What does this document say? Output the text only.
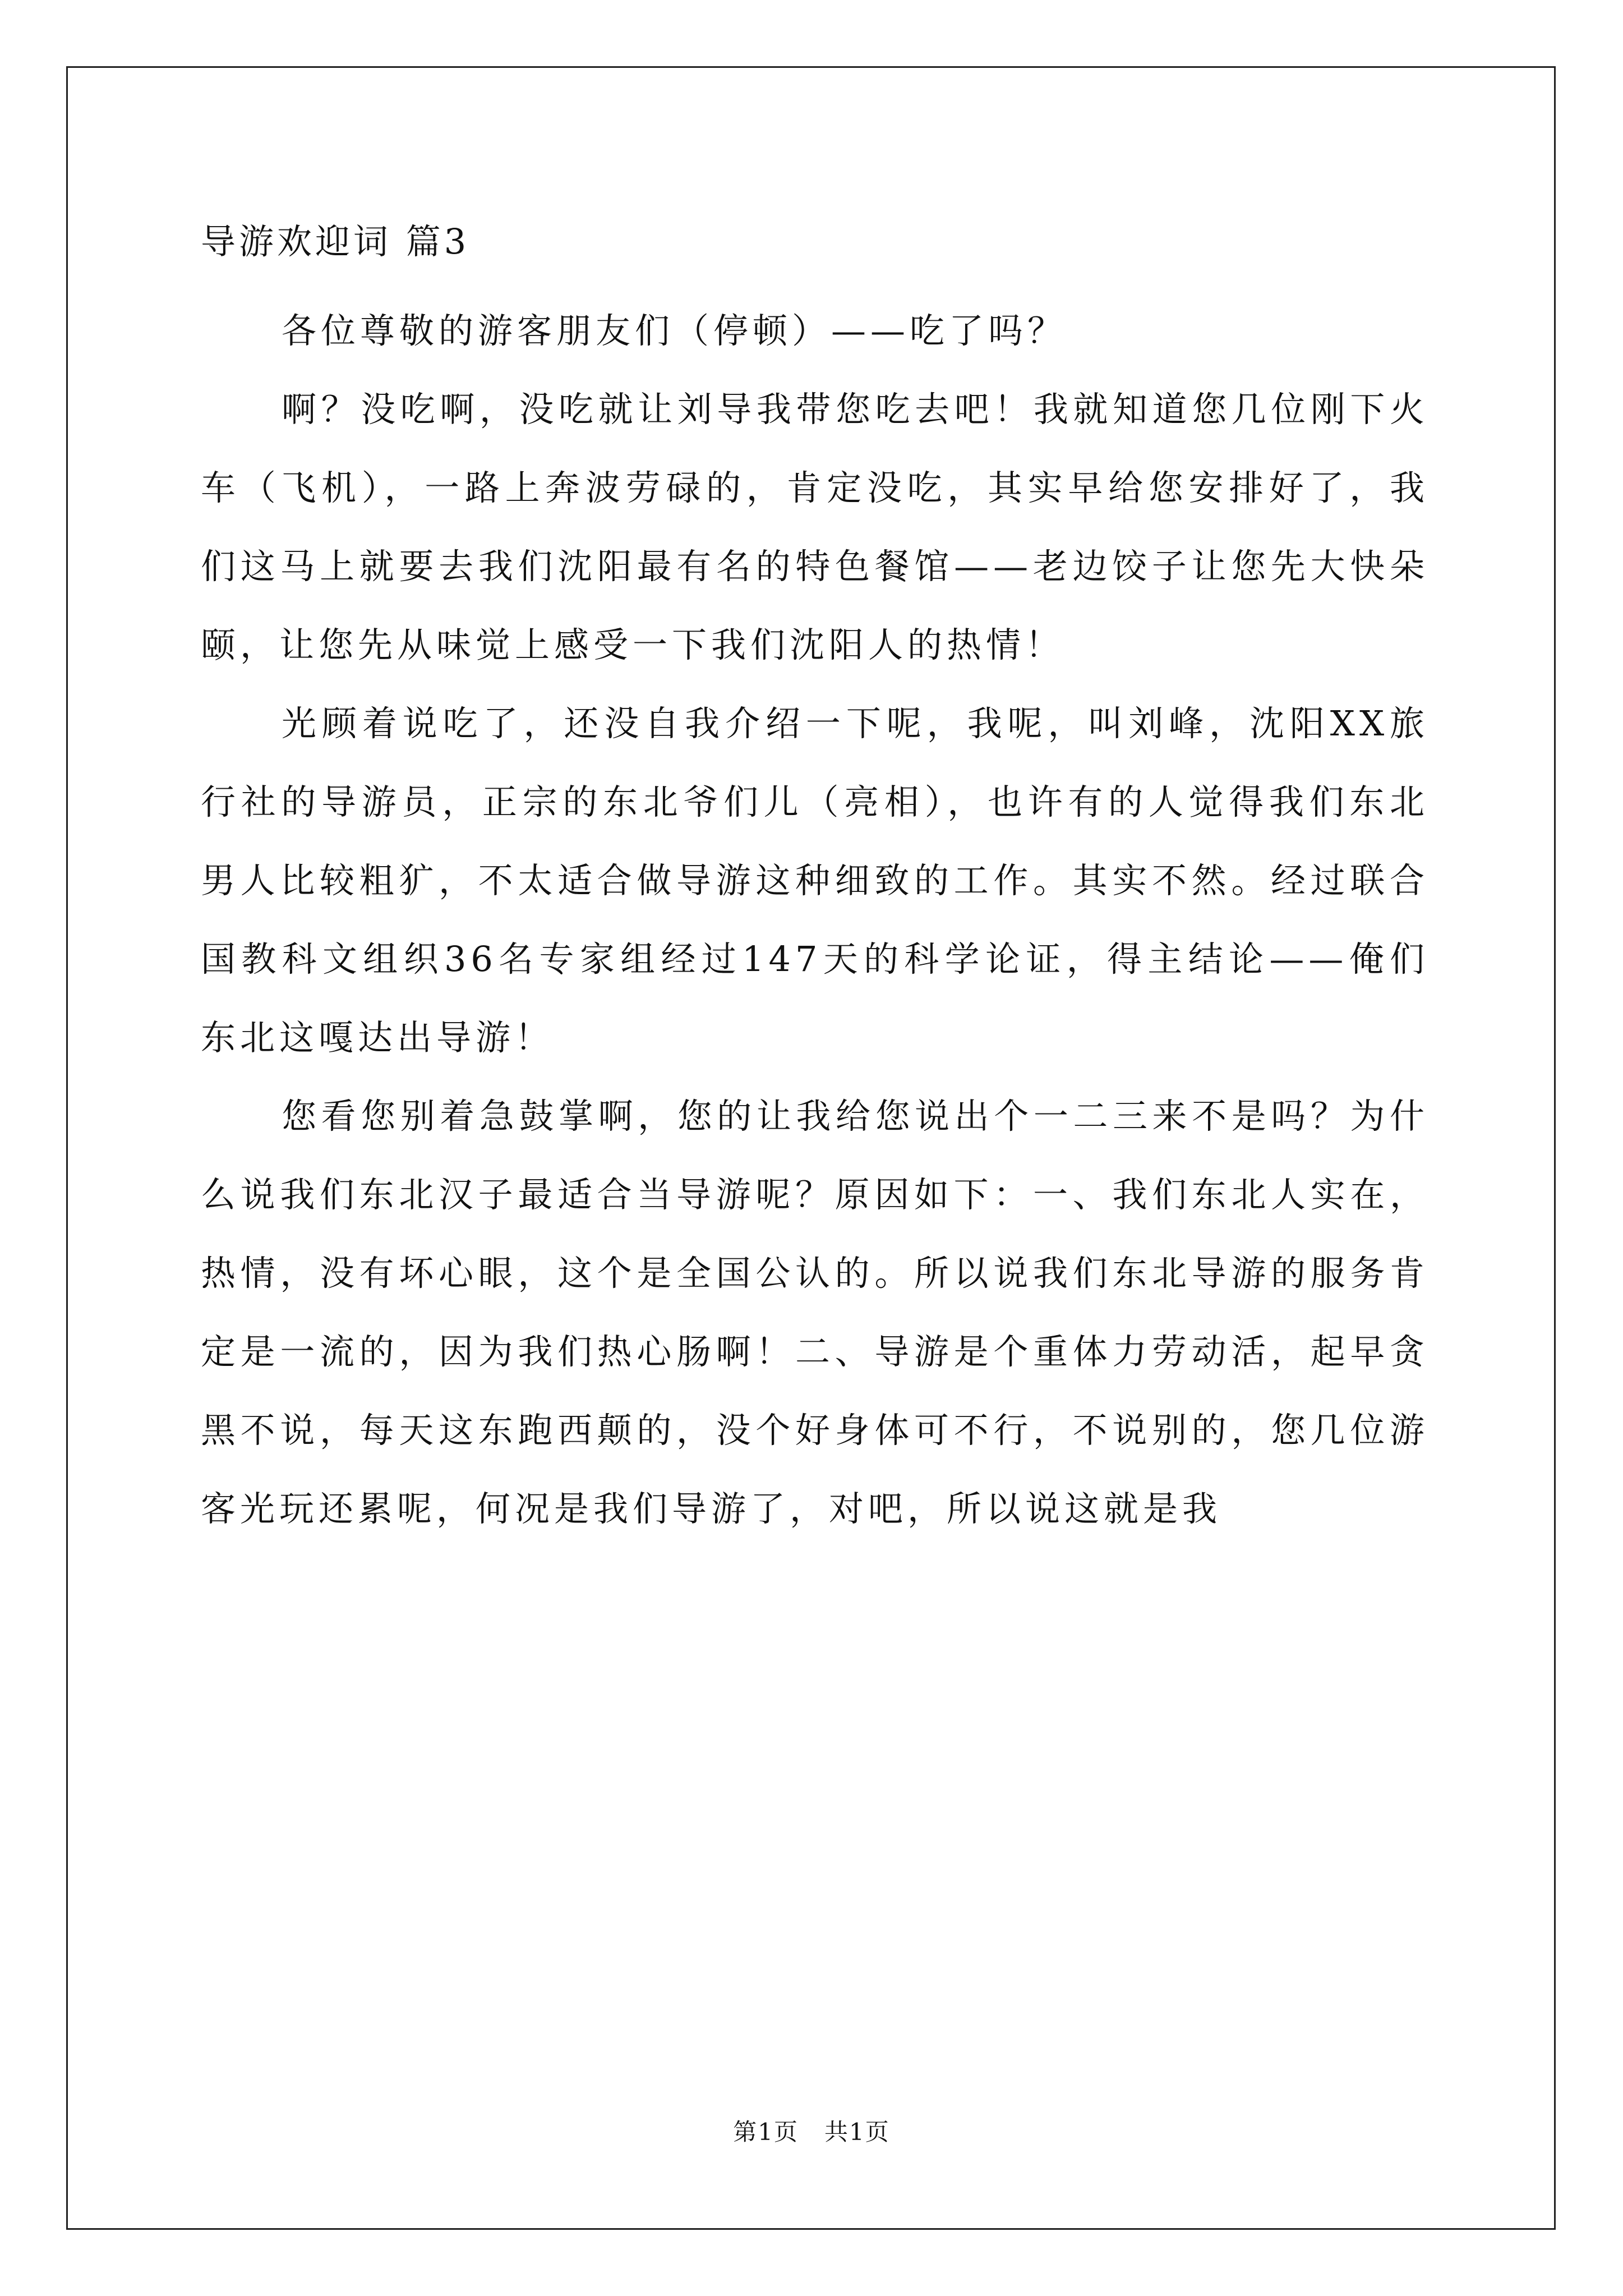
导游欢迎词 篇3

各位尊敬的游客朋友们（停顿）——吃了吗？

啊？没吃啊，没吃就让刘导我带您吃去吧！我就知道您几位刚下火车（飞机），一路上奔波劳碌的，肯定没吃，其实早给您安排好了，我们这马上就要去我们沈阳最有名的特色餐馆——老边饺子让您先大快朵颐，让您先从味觉上感受一下我们沈阳人的热情！

光顾着说吃了，还没自我介绍一下呢，我呢，叫刘峰，沈阳XX旅行社的导游员，正宗的东北爷们儿（亮相），也许有的人觉得我们东北男人比较粗犷，不太适合做导游这种细致的工作。其实不然。经过联合国教科文组织36名专家组经过147天的科学论证，得主结论——俺们东北这嘎达出导游！

您看您别着急鼓掌啊，您的让我给您说出个一二三来不是吗？为什么说我们东北汉子最适合当导游呢？原因如下：一、我们东北人实在，热情，没有坏心眼，这个是全国公认的。所以说我们东北导游的服务肯定是一流的，因为我们热心肠啊！二、导游是个重体力劳动活，起早贪黑不说，每天这东跑西颠的，没个好身体可不行，不说别的，您几位游客光玩还累呢，何况是我们导游了，对吧，所以说这就是我

第1页   共1页
